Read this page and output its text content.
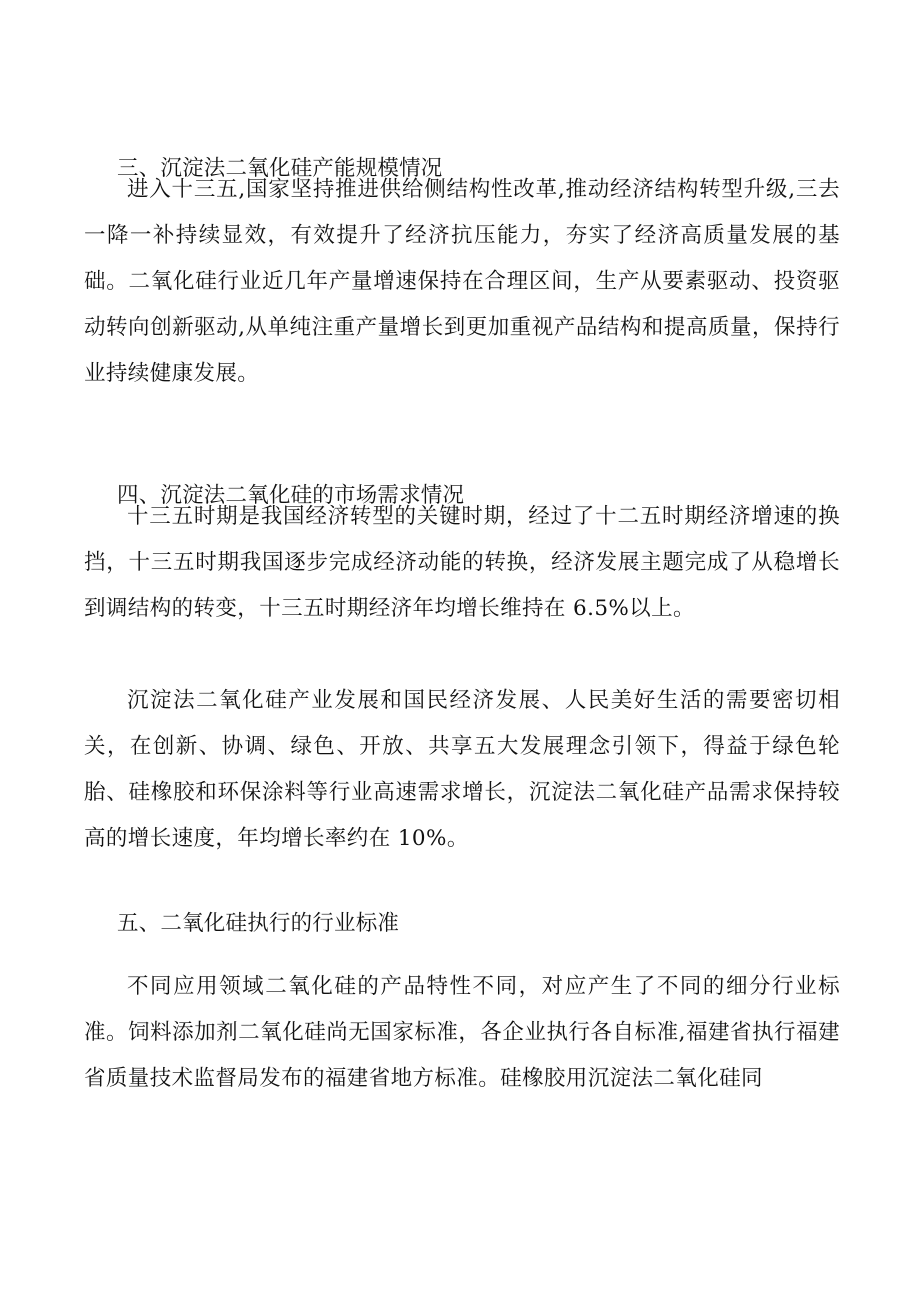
三、沉淀法二氧化硅产能规模情况

进入十三五,国家坚持推进供给侧结构性改革,推动经济结构转型升级,三去一降一补持续显效，有效提升了经济抗压能力，夯实了经济高质量发展的基础。二氧化硅行业近几年产量增速保持在合理区间，生产从要素驱动、投资驱动转向创新驱动,从单纯注重产量增长到更加重视产品结构和提高质量，保持行业持续健康发展。

四、沉淀法二氧化硅的市场需求情况

十三五时期是我国经济转型的关键时期，经过了十二五时期经济增速的换挡，十三五时期我国逐步完成经济动能的转换，经济发展主题完成了从稳增长到调结构的转变，十三五时期经济年均增长维持在 6.5%以上。

沉淀法二氧化硅产业发展和国民经济发展、人民美好生活的需要密切相关，在创新、协调、绿色、开放、共享五大发展理念引领下，得益于绿色轮胎、硅橡胶和环保涂料等行业高速需求增长，沉淀法二氧化硅产品需求保持较高的增长速度，年均增长率约在 10%。

五、二氧化硅执行的行业标准

不同应用领域二氧化硅的产品特性不同，对应产生了不同的细分行业标准。饲料添加剂二氧化硅尚无国家标准，各企业执行各自标准,福建省执行福建省质量技术监督局发布的福建省地方标准。硅橡胶用沉淀法二氧化硅同
